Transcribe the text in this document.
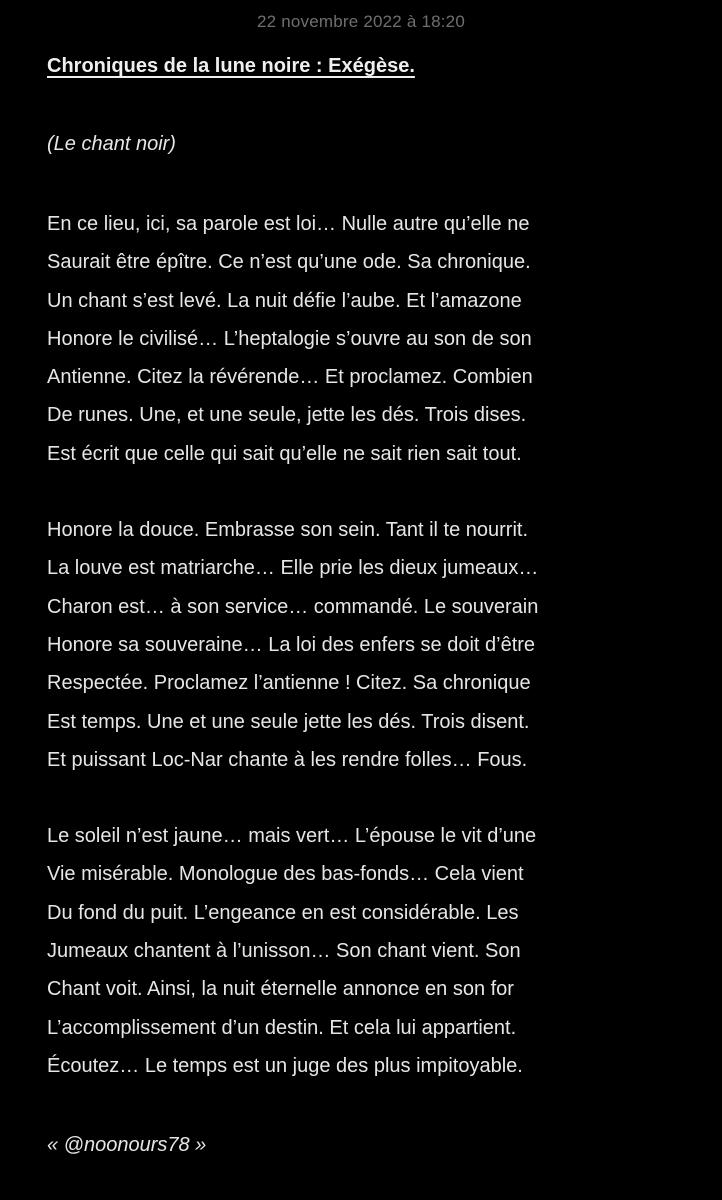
22 novembre 2022 à 18:20

Chroniques de la lune noire : Exégèse.

(Le chant noir)

En ce lieu, ici, sa parole est loi… Nulle autre qu’elle ne
Saurait être épître. Ce n’est qu’une ode. Sa chronique.
Un chant s’est levé. La nuit défie l’aube. Et l’amazone
Honore le civilisé… L’heptalogie s’ouvre au son de son
Antienne. Citez la révérende… Et proclamez. Combien
De runes. Une, et une seule, jette les dés. Trois dises.
Est écrit que celle qui sait qu’elle ne sait rien sait tout.
Honore la douce. Embrasse son sein. Tant il te nourrit.
La louve est matriarche… Elle prie les dieux jumeaux…
Charon est… à son service… commandé. Le souverain
Honore sa souveraine… La loi des enfers se doit d’être
Respectée. Proclamez l’antienne ! Citez. Sa chronique
Est temps. Une et une seule jette les dés. Trois disent.
Et puissant Loc-Nar chante à les rendre folles… Fous.
Le soleil n’est jaune… mais vert… L’épouse le vit d’une
Vie misérable. Monologue des bas-fonds… Cela vient
Du fond du puit. L’engeance en est considérable. Les
Jumeaux chantent à l’unisson… Son chant vient. Son
Chant voit. Ainsi, la nuit éternelle annonce en son for
L’accomplissement d’un destin. Et cela lui appartient.
Écoutez… Le temps est un juge des plus impitoyable.
« @noonours78 »
